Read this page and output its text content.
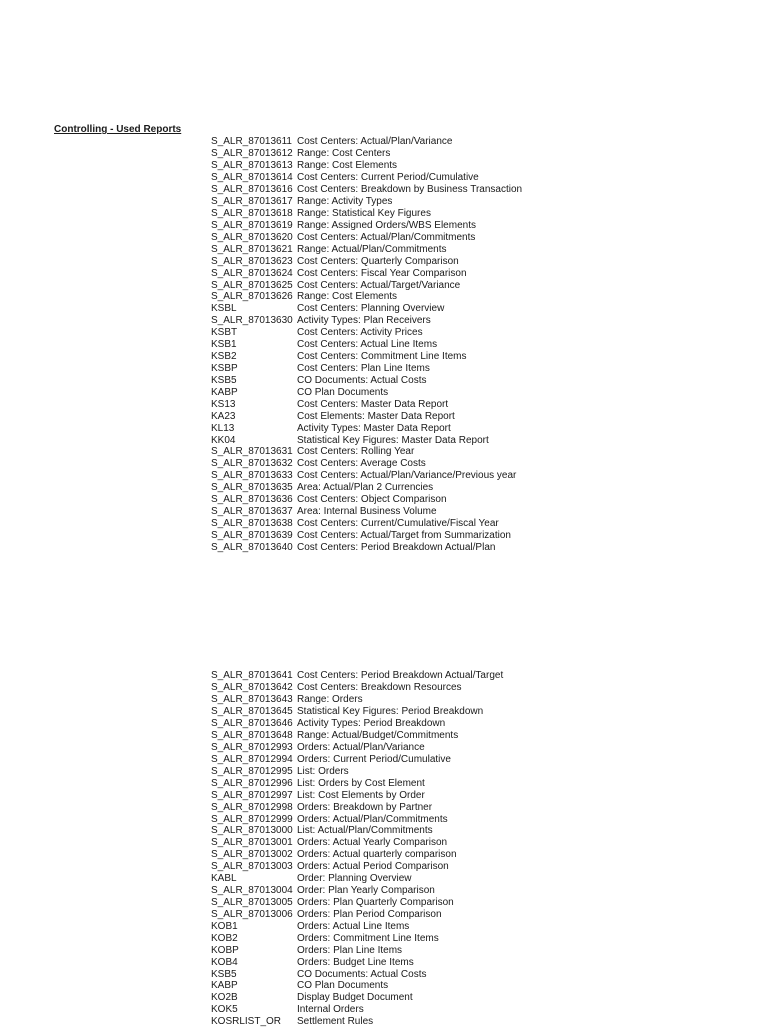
Controlling - Used Reports
S_ALR_87013611 Cost Centers: Actual/Plan/Variance
S_ALR_87013612 Range: Cost Centers
S_ALR_87013613 Range: Cost Elements
S_ALR_87013614 Cost Centers: Current Period/Cumulative
S_ALR_87013616 Cost Centers: Breakdown by Business Transaction
S_ALR_87013617 Range: Activity Types
S_ALR_87013618 Range: Statistical Key Figures
S_ALR_87013619 Range: Assigned Orders/WBS Elements
S_ALR_87013620 Cost Centers: Actual/Plan/Commitments
S_ALR_87013621 Range: Actual/Plan/Commitments
S_ALR_87013623 Cost Centers: Quarterly Comparison
S_ALR_87013624 Cost Centers: Fiscal Year Comparison
S_ALR_87013625 Cost Centers: Actual/Target/Variance
S_ALR_87013626 Range: Cost Elements
KSBL	Cost Centers: Planning Overview
S_ALR_87013630 Activity Types: Plan Receivers
KSBT	Cost Centers: Activity Prices
KSB1	Cost Centers: Actual Line Items
KSB2	Cost Centers: Commitment Line Items
KSBP	Cost Centers: Plan Line Items
KSB5	CO Documents: Actual Costs
KABP	CO Plan Documents
KS13	Cost Centers: Master Data Report
KA23	Cost Elements: Master Data Report
KL13	Activity Types: Master Data Report
KK04	Statistical Key Figures: Master Data Report
S_ALR_87013631 Cost Centers: Rolling Year
S_ALR_87013632 Cost Centers: Average Costs
S_ALR_87013633 Cost Centers: Actual/Plan/Variance/Previous year
S_ALR_87013635 Area: Actual/Plan 2 Currencies
S_ALR_87013636 Cost Centers: Object Comparison
S_ALR_87013637 Area: Internal Business Volume
S_ALR_87013638 Cost Centers: Current/Cumulative/Fiscal Year
S_ALR_87013639 Cost Centers: Actual/Target from Summarization
S_ALR_87013640 Cost Centers: Period Breakdown Actual/Plan
S_ALR_87013641 Cost Centers: Period Breakdown Actual/Target
S_ALR_87013642 Cost Centers: Breakdown Resources
S_ALR_87013643 Range: Orders
S_ALR_87013645 Statistical Key Figures: Period Breakdown
S_ALR_87013646 Activity Types: Period Breakdown
S_ALR_87013648 Range: Actual/Budget/Commitments
S_ALR_87012993 Orders: Actual/Plan/Variance
S_ALR_87012994 Orders: Current Period/Cumulative
S_ALR_87012995 List: Orders
S_ALR_87012996 List: Orders by Cost Element
S_ALR_87012997 List: Cost Elements by Order
S_ALR_87012998 Orders: Breakdown by Partner
S_ALR_87012999 Orders: Actual/Plan/Commitments
S_ALR_87013000 List: Actual/Plan/Commitments
S_ALR_87013001 Orders: Actual Yearly Comparison
S_ALR_87013002 Orders: Actual quarterly comparison
S_ALR_87013003 Orders: Actual Period Comparison
KABL	Order: Planning Overview
S_ALR_87013004 Order: Plan Yearly Comparison
S_ALR_87013005 Orders: Plan Quarterly Comparison
S_ALR_87013006 Orders: Plan Period Comparison
KOB1	Orders: Actual Line Items
KOB2	Orders: Commitment Line Items
KOBP	Orders: Plan Line Items
KOB4	Orders: Budget Line Items
KSB5	CO Documents: Actual Costs
KABP	CO Plan Documents
KO2B	Display Budget Document
KOK5	Internal Orders
KOSRLIST_OR	Settlement Rules
